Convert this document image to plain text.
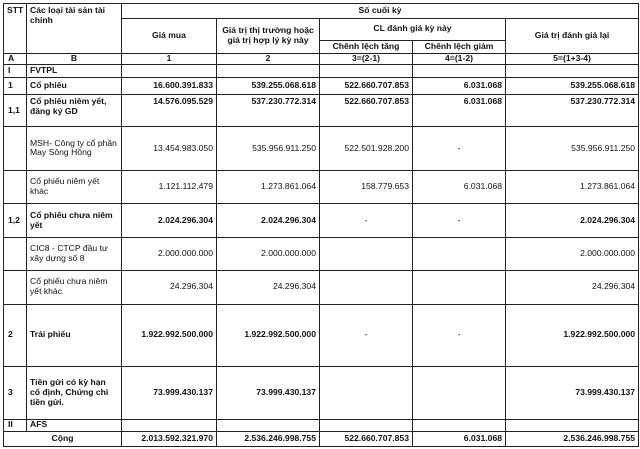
STT	Các loại tài sản tài chính	Số cuối kỳ				
		Giá mua	Giá trị thị trường hoặc giá trị hợp lý kỳ này	CL đánh giá kỳ này		Giá trị đánh giá lại
				Chênh lệch tăng	Chênh lệch giảm	
A	B	1	2	3=(2-1)	4=(1-2)	5=(1+3-4)
I	FVTPL					
1	Cổ phiếu	16.600.391.833	539.255.068.618	522.660.707.853	6.031.068	539.255.068.618
1,1	Cổ phiếu niêm yết, đăng ký GD	14.576.095.529	537.230.772.314	522.660.707.853	6.031.068	537.230.772.314
	MSH- Công ty cổ phần May Sông Hồng	13.454.983.050	535.956.911.250	522.501.928.200	-	535.956.911.250
	Cổ phiếu niêm yết khác	1.121.112.479	1.273.861.064	158.779.653	6.031.068	1.273.861.064
1,2	Cổ phiếu chưa niêm yết	2.024.296.304	2.024.296.304	-	-	2.024.296.304
	CIC8 - CTCP đầu tư xây dựng số 8	2.000.000.000	2.000.000.000			2.000.000.000
	Cổ phiếu chưa niêm yết khác	24.296.304	24.296.304			24.296.304
2	Trái phiếu	1.922.992.500.000	1.922.992.500.000	-	-	1.922.992.500.000
3	Tiền gửi có kỳ hạn cố định, Chứng chỉ tiền gửi.	73.999.430.137	73.999.430.137			73.999.430.137
II	AFS					
Cộng		2.013.592.321.970	2.536.246.998.755	522.660.707.853	6.031.068	2.536.246.998.755
